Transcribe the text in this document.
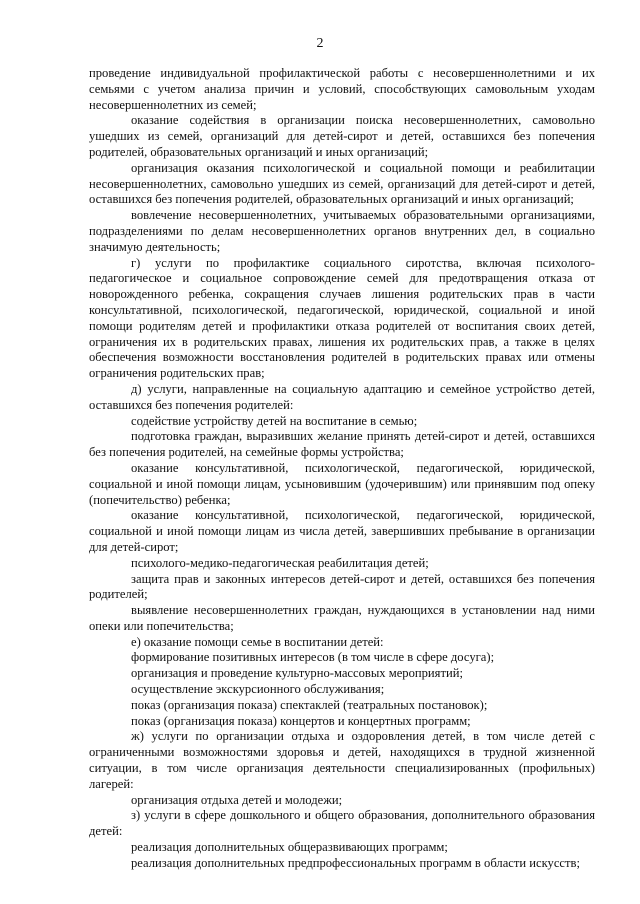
2

проведение индивидуальной профилактической работы с несовершеннолетними и их семьями с учетом анализа причин и условий, способствующих самовольным уходам несовершеннолетних из семей;

оказание содействия в организации поиска несовершеннолетних, самовольно ушедших из семей, организаций для детей-сирот и детей, оставшихся без попечения родителей, образовательных организаций и иных организаций;

организация оказания психологической и социальной помощи и реабилитации несовершеннолетних, самовольно ушедших из семей, организаций для детей-сирот и детей, оставшихся без попечения родителей, образовательных организаций и иных организаций;

вовлечение несовершеннолетних, учитываемых образовательными организациями, подразделениями по делам несовершеннолетних органов внутренних дел, в социально значимую деятельность;

г) услуги по профилактике социального сиротства, включая психолого-педагогическое и социальное сопровождение семей для предотвращения отказа от новорожденного ребенка, сокращения случаев лишения родительских прав в части консультативной, психологической, педагогической, юридической, социальной и иной помощи родителям детей и профилактики отказа родителей от воспитания своих детей, ограничения их в родительских правах, лишения их родительских прав, а также в целях обеспечения возможности восстановления родителей в родительских правах или отмены ограничения родительских прав;

д) услуги, направленные на социальную адаптацию и семейное устройство детей, оставшихся без попечения родителей:

содействие устройству детей на воспитание в семью;

подготовка граждан, выразивших желание принять детей-сирот и детей, оставшихся без попечения родителей, на семейные формы устройства;

оказание консультативной, психологической, педагогической, юридической, социальной и иной помощи лицам, усыновившим (удочерившим) или принявшим под опеку (попечительство) ребенка;

оказание консультативной, психологической, педагогической, юридической, социальной и иной помощи лицам из числа детей, завершивших пребывание в организации для детей-сирот;

психолого-медико-педагогическая реабилитация детей;

защита прав и законных интересов детей-сирот и детей, оставшихся без попечения родителей;

выявление несовершеннолетних граждан, нуждающихся в установлении над ними опеки или попечительства;

е) оказание помощи семье в воспитании детей:

формирование позитивных интересов (в том числе в сфере досуга);

организация и проведение культурно-массовых мероприятий;

осуществление экскурсионного обслуживания;

показ (организация показа) спектаклей (театральных постановок);

показ (организация показа) концертов и концертных программ;

ж) услуги по организации отдыха и оздоровления детей, в том числе детей с ограниченными возможностями здоровья и детей, находящихся в трудной жизненной ситуации, в том числе организация деятельности специализированных (профильных) лагерей:

организация отдыха детей и молодежи;

з) услуги в сфере дошкольного и общего образования, дополнительного образования детей:

реализация дополнительных общеразвивающих программ;

реализация дополнительных предпрофессиональных программ в области искусств;
